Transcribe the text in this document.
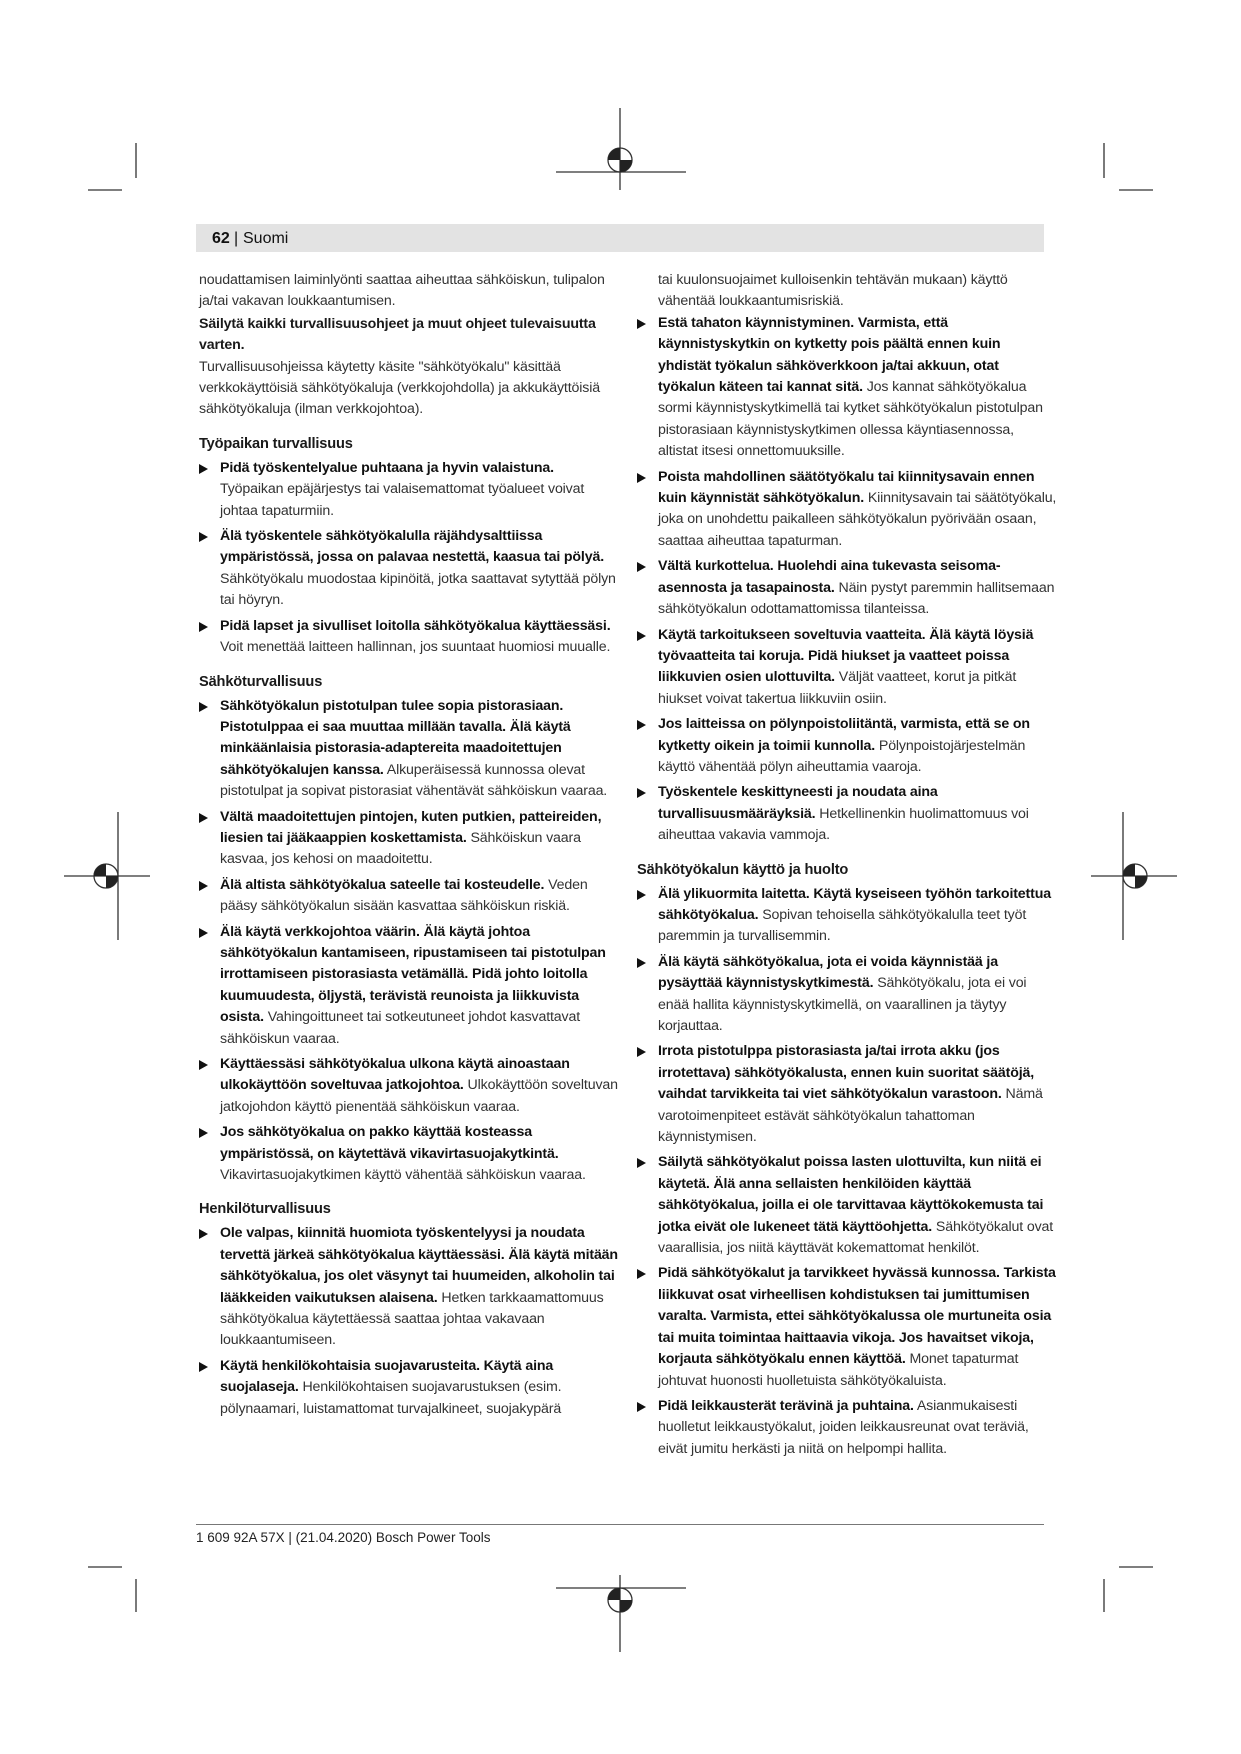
62 | Suomi

noudattamisen laiminlyönti saattaa aiheuttaa sähköiskun, tulipalon ja/tai vakavan loukkaantumisen.

Säilytä kaikki turvallisuusohjeet ja muut ohjeet tulevaisuutta varten.

Turvallisuusohjeissa käytetty käsite "sähkötyökalu" käsittää verkkokäyttöisiä sähkötyökaluja (verkkojohdolla) ja akkukäyttöisiä sähkötyökaluja (ilman verkkojohtoa).

Työpaikan turvallisuus
Pidä työskentelyalue puhtaana ja hyvin valaistuna. Työpaikan epäjärjestys tai valaisemattomat työalueet voivat johtaa tapaturmiin.
Älä työskentele sähkötyökalulla räjähdysalttiissa ympäristössä, jossa on palavaa nestettä, kaasua tai pölyä. Sähkötyökalu muodostaa kipinöitä, jotka saattavat sytyttää pölyn tai höyryn.
Pidä lapset ja sivulliset loitolla sähkötyökalua käyttäessäsi. Voit menettää laitteen hallinnan, jos suuntaat huomiosi muualle.
Sähköturvallisuus
Sähkötyökalun pistotulpan tulee sopia pistorasiaan. Pistotulppaa ei saa muuttaa millään tavalla. Älä käytä minkäänlaisia pistorasia-adaptereita maadoitettujen sähkötyökalujen kanssa. Alkuperäisessä kunnossa olevat pistotulpat ja sopivat pistorasiat vähentävät sähköiskun vaaraa.
Vältä maadoitettujen pintojen, kuten putkien, patteireiden, liesien tai jääkaappien koskettamista. Sähköiskun vaara kasvaa, jos kehosi on maadoitettu.
Älä altista sähkötyökalua sateelle tai kosteudelle. Veden pääsy sähkötyökalun sisään kasvattaa sähköiskun riskiä.
Älä käytä verkkojohtoa väärin. Älä käytä johtoa sähkötyökalun kantamiseen, ripustamiseen tai pistotulpan irrottamiseen pistorasiasta vetämällä. Pidä johto loitolla kuumuudesta, öljystä, terävistä reunoista ja liikkuvista osista. Vahingoittuneet tai sotkeutuneet johdot kasvattavat sähköiskun vaaraa.
Käyttäessäsi sähkötyökalua ulkona käytä ainoastaan ulkokäyttöön soveltuvaa jatkojohtoa. Ulkokäyttöön soveltuvan jatkojohdon käyttö pienentää sähköiskun vaaraa.
Jos sähkötyökalua on pakko käyttää kosteassa ympäristössä, on käytettävä vikavirtasuojakytkintä. Vikavirtasuojakytkimen käyttö vähentää sähköiskun vaaraa.
Henkilöturvallisuus
Ole valpas, kiinnitä huomiota työskentelyysi ja noudata tervettä järkeä sähkötyökalua käyttäessäsi. Älä käytä mitään sähkötyökalua, jos olet väsynyt tai huumeiden, alkoholin tai lääkkeiden vaikutuksen alaisena. Hetken tarkkaamattomuus sähkötyökalua käytettäessä saattaa johtaa vakavaan loukkaantumiseen.
Käytä henkilökohtaisia suojavarusteita. Käytä aina suojalaseja. Henkilökohtaisen suojavarustuksen (esim. pölynaamari, luistamattomat turvajalkineet, suojakypärä

tai kuulonsuojaimet kulloisenkin tehtävän mukaan) käyttö vähentää loukkaantumisriskiä.

Estä tahaton käynnistyminen. Varmista, että käynnistyskytkin on kytketty pois päältä ennen kuin yhdistät työkalun sähköverkkoon ja/tai akkuun, otat työkalun käteen tai kannat sitä. Jos kannat sähkötyökalua sormi käynnistyskytkimellä tai kytket sähkötyökalun pistotulpan pistorasiaan käynnistyskytkimen ollessa käyntiasennossa, altistat itsesi onnettomuuksille.
Poista mahdollinen säätötyökalu tai kiinnitysavain ennen kuin käynnistät sähkötyökalun. Kiinnitysavain tai säätötyökalu, joka on unohdettu paikalleen sähkötyökalun pyörivään osaan, saattaa aiheuttaa tapaturman.
Vältä kurkottelua. Huolehdi aina tukevasta seisoma-asennosta ja tasapainosta. Näin pystyt paremmin hallitsemaan sähkötyökalun odottamattomissa tilanteissa.
Käytä tarkoitukseen soveltuvia vaatteita. Älä käytä löysiä työvaatteita tai koruja. Pidä hiukset ja vaatteet poissa liikkuvien osien ulottuvilta. Väljät vaatteet, korut ja pitkät hiukset voivat takertua liikkuviin osiin.
Jos laitteissa on pölynpoistoliitäntä, varmista, että se on kytketty oikein ja toimii kunnolla. Pölynpoistojärjestelmän käyttö vähentää pölyn aiheuttamia vaaroja.
Työskentele keskittyneesti ja noudata aina turvallisuusmääräyksiä. Hetkellinenkin huolimattomuus voi aiheuttaa vakavia vammoja.
Sähkötyökalun käyttö ja huolto
Älä ylikuormita laitetta. Käytä kyseiseen työhön tarkoitettua sähkötyökalua. Sopivan tehoisella sähkötyökalulla teet työt paremmin ja turvallisemmin.
Älä käytä sähkötyökalua, jota ei voida käynnistää ja pysäyttää käynnistyskytkimestä. Sähkötyökalu, jota ei voi enää hallita käynnistyskytkimellä, on vaarallinen ja täytyy korjauttaa.
Irrota pistotulppa pistorasiasta ja/tai irrota akku (jos irrotettava) sähkötyökalusta, ennen kuin suoritat säätöjä, vaihdat tarvikkeita tai viet sähkötyökalun varastoon. Nämä varotoimenpiteet estävät sähkötyökalun tahattoman käynnistymisen.
Säilytä sähkötyökalut poissa lasten ulottuvilta, kun niitä ei käytetä. Älä anna sellaisten henkilöiden käyttää sähkötyökalua, joilla ei ole tarvittavaa käyttökokemusta tai jotka eivät ole lukeneet tätä käyttöohjetta. Sähkötyökalut ovat vaarallisia, jos niitä käyttävät kokemattomat henkilöt.
Pidä sähkötyökalut ja tarvikkeet hyvässä kunnossa. Tarkista liikkuvat osat virheellisen kohdistuksen tai jumittumisen varalta. Varmista, ettei sähkötyökalussa ole murtuneita osia tai muita toimintaa haittaavia vikoja. Jos havaitset vikoja, korjauta sähkötyökalu ennen käyttöä. Monet tapaturmat johtuvat huonosti huolletuista sähkötyökaluista.
Pidä leikkausterät terävinä ja puhtaina. Asianmukaisesti huolletut leikkaustyökalut, joiden leikkausreunat ovat teräviä, eivät jumitu herkästi ja niitä on helpompi hallita.
1 609 92A 57X | (21.04.2020) Bosch Power Tools
